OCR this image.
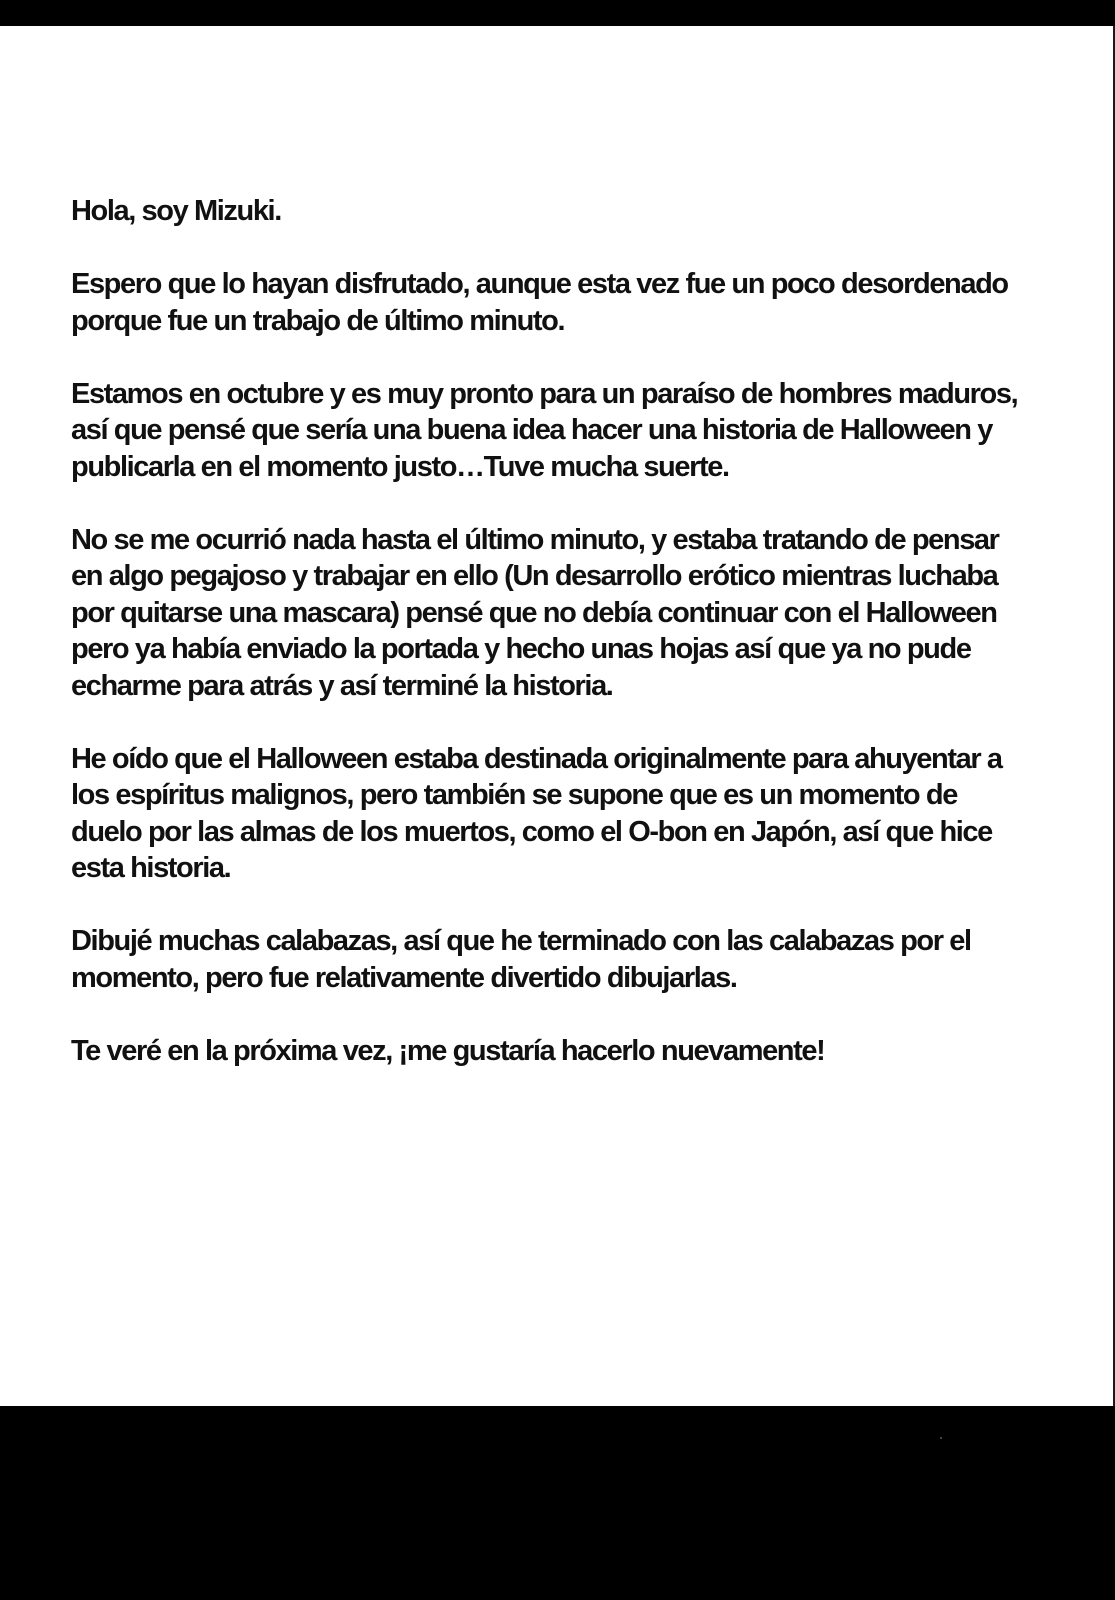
Hola, soy Mizuki.

Espero que lo hayan disfrutado, aunque esta vez fue un poco desordenado
porque fue un trabajo de último minuto.

Estamos en octubre y es muy pronto para un paraíso de hombres maduros,
así que pensé que sería una buena idea hacer una historia de Halloween y
publicarla en el momento justo…Tuve mucha suerte.

No se me ocurrió nada hasta el último minuto, y estaba tratando de pensar
en algo pegajoso y trabajar en ello (Un desarrollo erótico mientras luchaba
por quitarse una mascara) pensé que no debía continuar con el Halloween
pero ya había enviado la portada y hecho unas hojas así que ya no pude
echarme para atrás y así terminé la historia.

He oído que el Halloween estaba destinada originalmente para ahuyentar a
los espíritus malignos, pero también se supone que es un momento de
duelo por las almas de los muertos, como el O-bon en Japón, así que hice
esta historia.

Dibujé muchas calabazas, así que he terminado con las calabazas por el
momento, pero fue relativamente divertido dibujarlas.

Te veré en la próxima vez, ¡me gustaría hacerlo nuevamente!
